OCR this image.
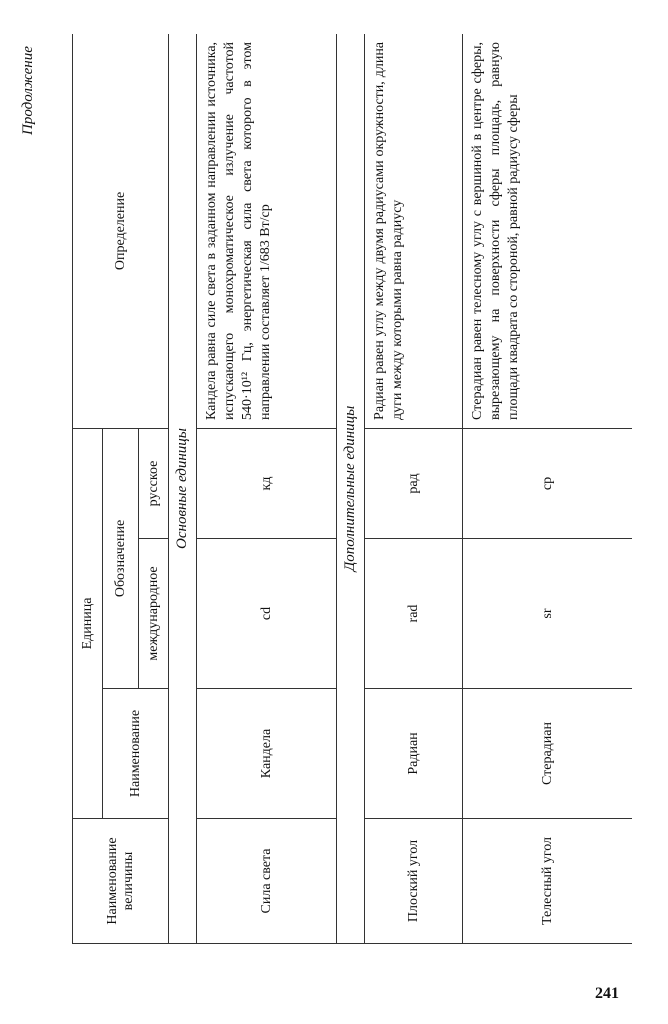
Продолжение
Наименование величины	Единица			Определение
	Наименование	Обозначение		
		международное	русское	
Основные единицы				
Сила света	Кандела	cd	кд	Кандела равна силе света в заданном направлении источника, испускающего монохроматическое излучение частотой 540·10¹² Гц, энергетическая сила света которого в этом направлении составляет 1/683 Вт/ср
Дополнительные единицы				
Плоский угол	Радиан	rad	рад	Радиан равен углу между двумя радиусами окружности, длина дуги между которыми равна радиусу
Телесный угол	Стерадиан	sr	ср	Стерадиан равен телесному углу с вершиной в центре сферы, вырезающему на поверхности сферы площадь, равную площади квадрата со стороной, равной радиусу сферы
241
